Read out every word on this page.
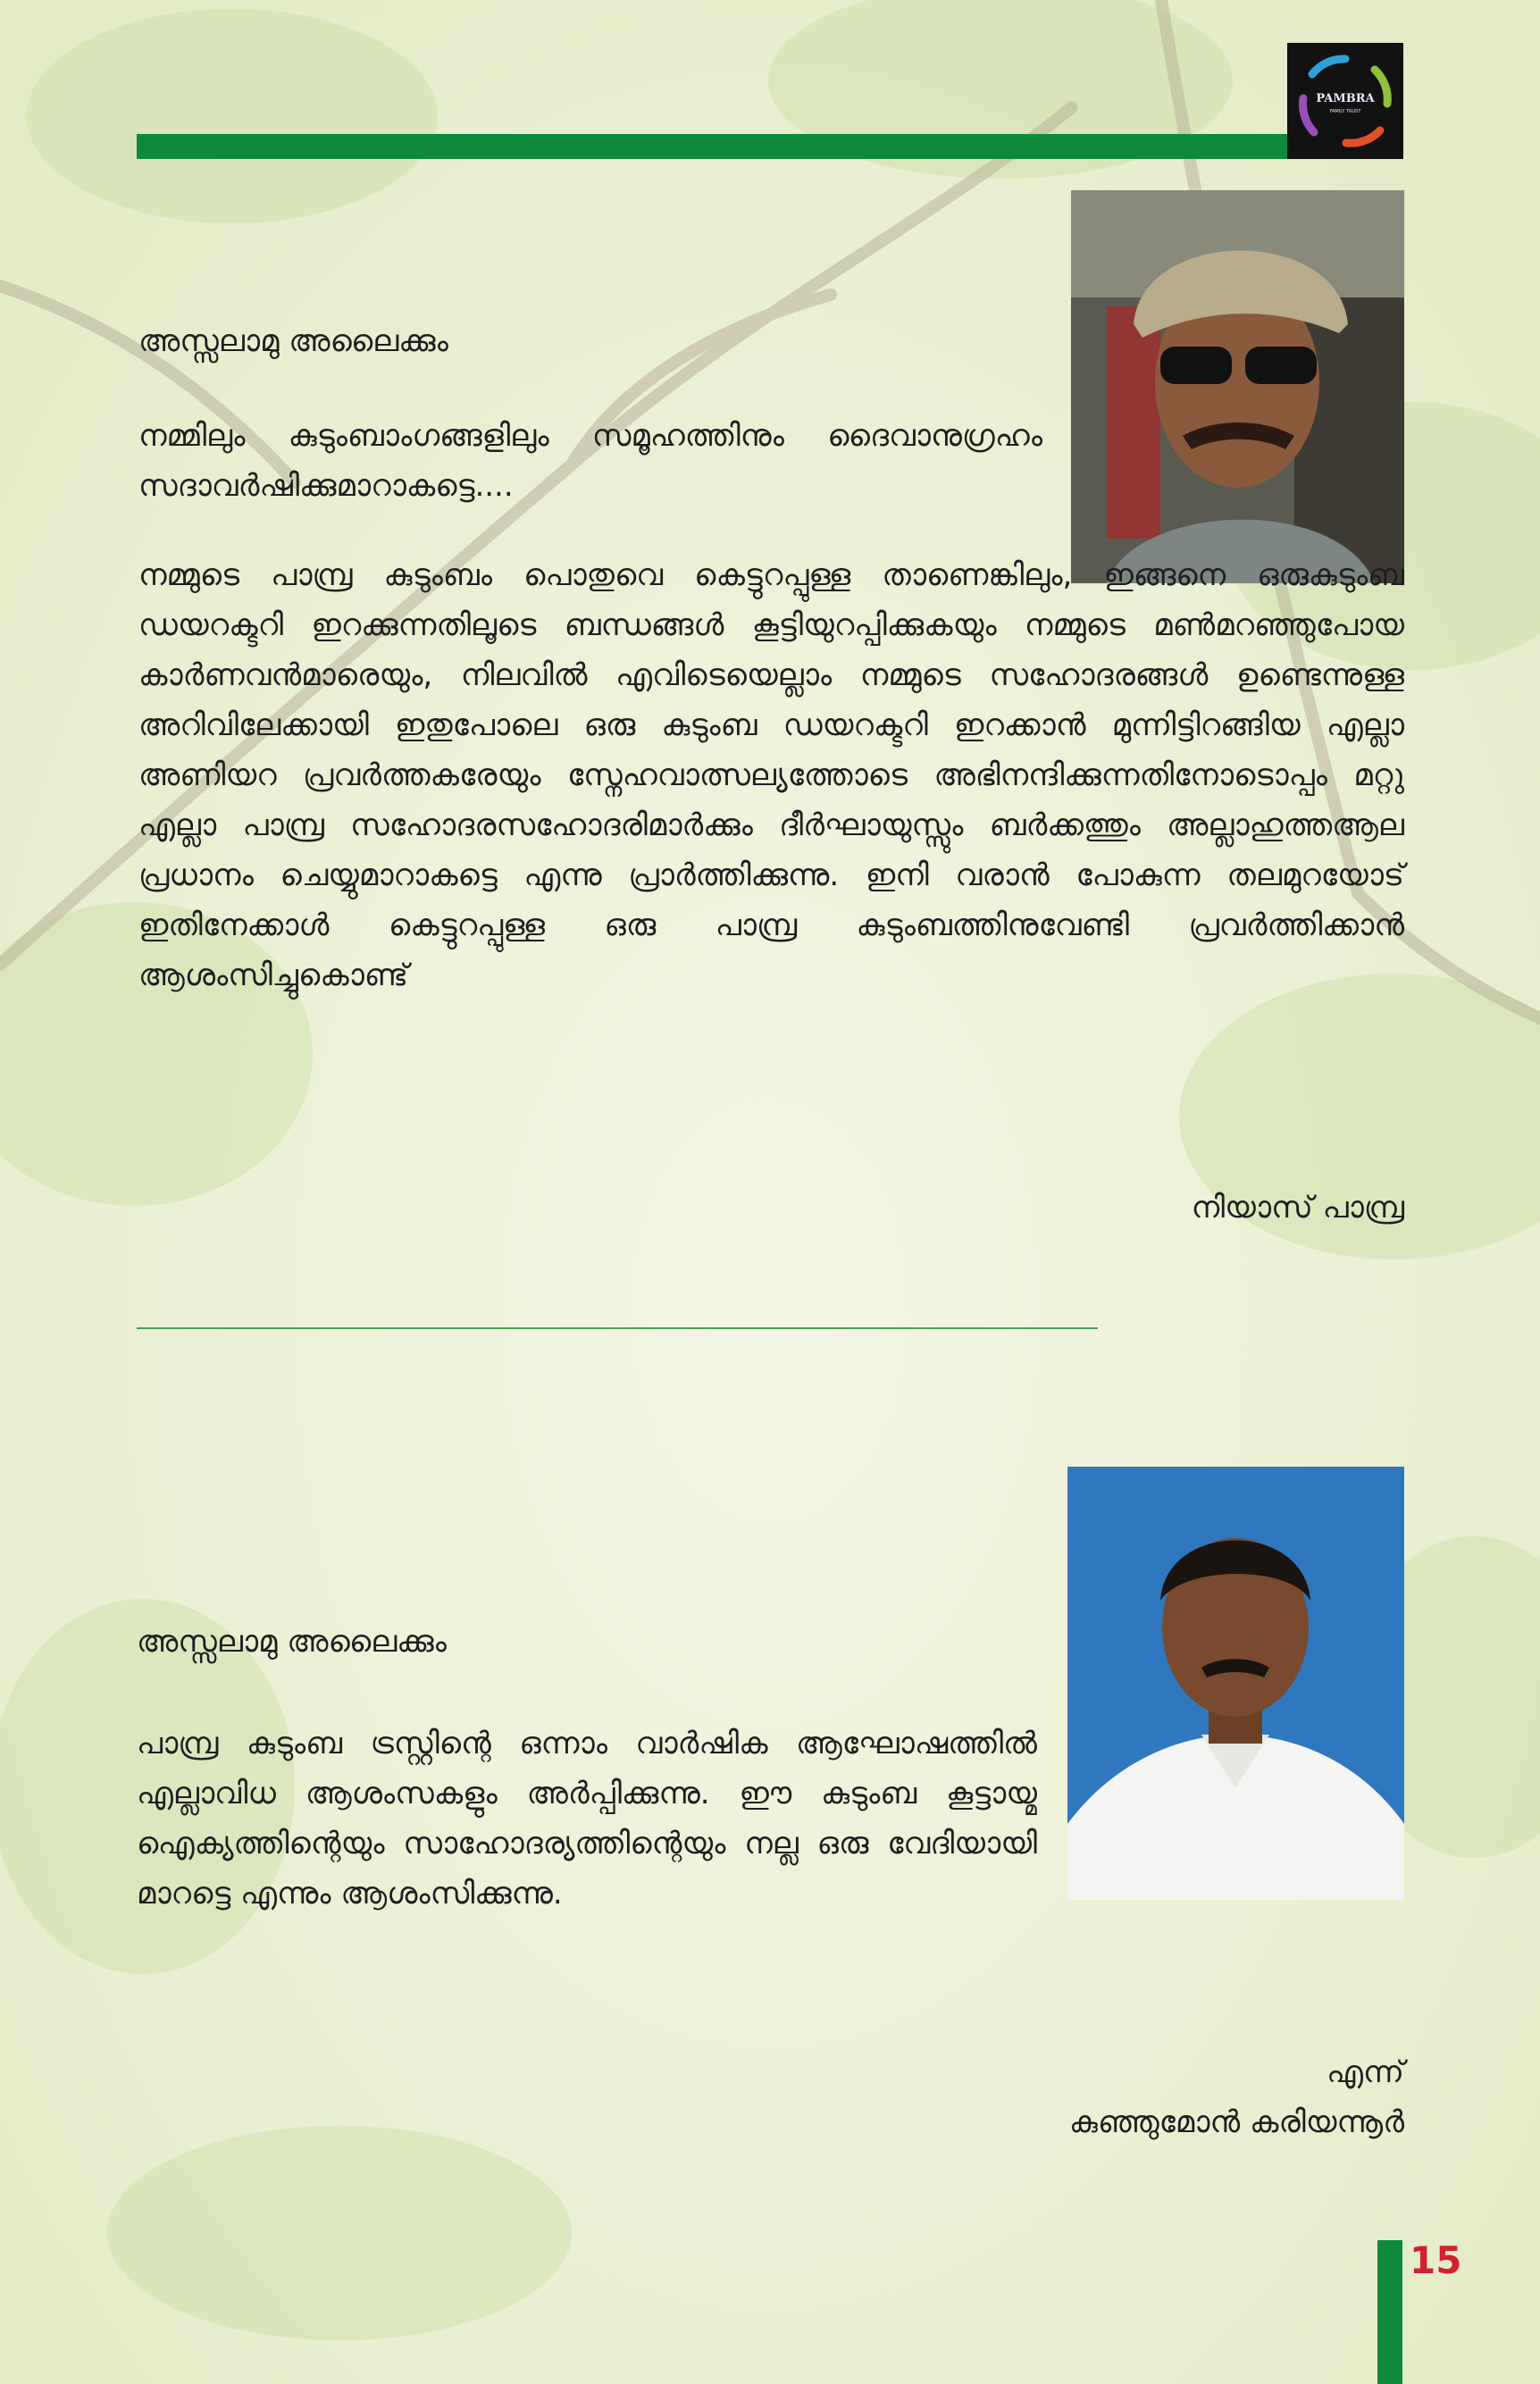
PAMBRA
FAMILY TRUST

അസ്സലാമു അലൈക്കും

നമ്മിലും കുടുംബാംഗങ്ങളിലും സമൂഹത്തിനും ദൈവാനുഗ്രഹം സദാവർഷിക്കുമാറാകട്ടെ....

നമ്മുടെ പാമ്പ്ര കുടുംബം പൊതുവെ കെട്ടുറപ്പുള്ള താണെങ്കിലും, ഇങ്ങനെ ഒരുകുടുംബ ഡയറക്ടറി ഇറക്കുന്നതിലൂടെ ബന്ധങ്ങൾ കൂട്ടിയുറപ്പിക്കുകയും നമ്മുടെ മൺമറഞ്ഞുപോയ കാർണവൻമാരെയും, നിലവിൽ എവിടെയെല്ലാം നമ്മുടെ സഹോദരങ്ങൾ ഉണ്ടെന്നുള്ള അറിവിലേക്കായി ഇതുപോലെ ഒരു കുടുംബ ഡയറക്ടറി ഇറക്കാൻ മുന്നിട്ടിറങ്ങിയ എല്ലാ അണിയറ പ്രവർത്തകരേയും സ്നേഹവാത്സല്യത്തോടെ അഭിനന്ദിക്കുന്നതിനോടൊപ്പം മറ്റു എല്ലാ പാമ്പ്ര സഹോദരസഹോദരിമാർക്കും ദീർഘായുസ്സും ബർക്കത്തും അല്ലാഹുത്തആല പ്രധാനം ചെയ്യുമാറാകട്ടെ എന്നു പ്രാർത്തിക്കുന്നു. ഇനി വരാൻ പോകുന്ന തലമുറയോട് ഇതിനേക്കാൾ കെട്ടുറപ്പുള്ള ഒരു പാമ്പ്ര കുടുംബത്തിനുവേണ്ടി പ്രവർത്തിക്കാൻ ആശംസിച്ചുകൊണ്ട്

നിയാസ് പാമ്പ്ര

അസ്സലാമു അലൈക്കും

പാമ്പ്ര കുടുംബ ട്രസ്റ്റിന്റെ ഒന്നാം വാർഷിക ആഘോഷത്തിൽ എല്ലാവിധ ആശംസകളും അർപ്പിക്കുന്നു. ഈ കുടുംബ കൂട്ടായ്മ ഐക്യത്തിന്റെയും സാഹോദര്യത്തിന്റെയും നല്ല ഒരു വേദിയായി മാറട്ടെ എന്നും ആശംസിക്കുന്നു.

എന്ന്

കുഞ്ഞുമോൻ കരിയന്നൂർ

15
